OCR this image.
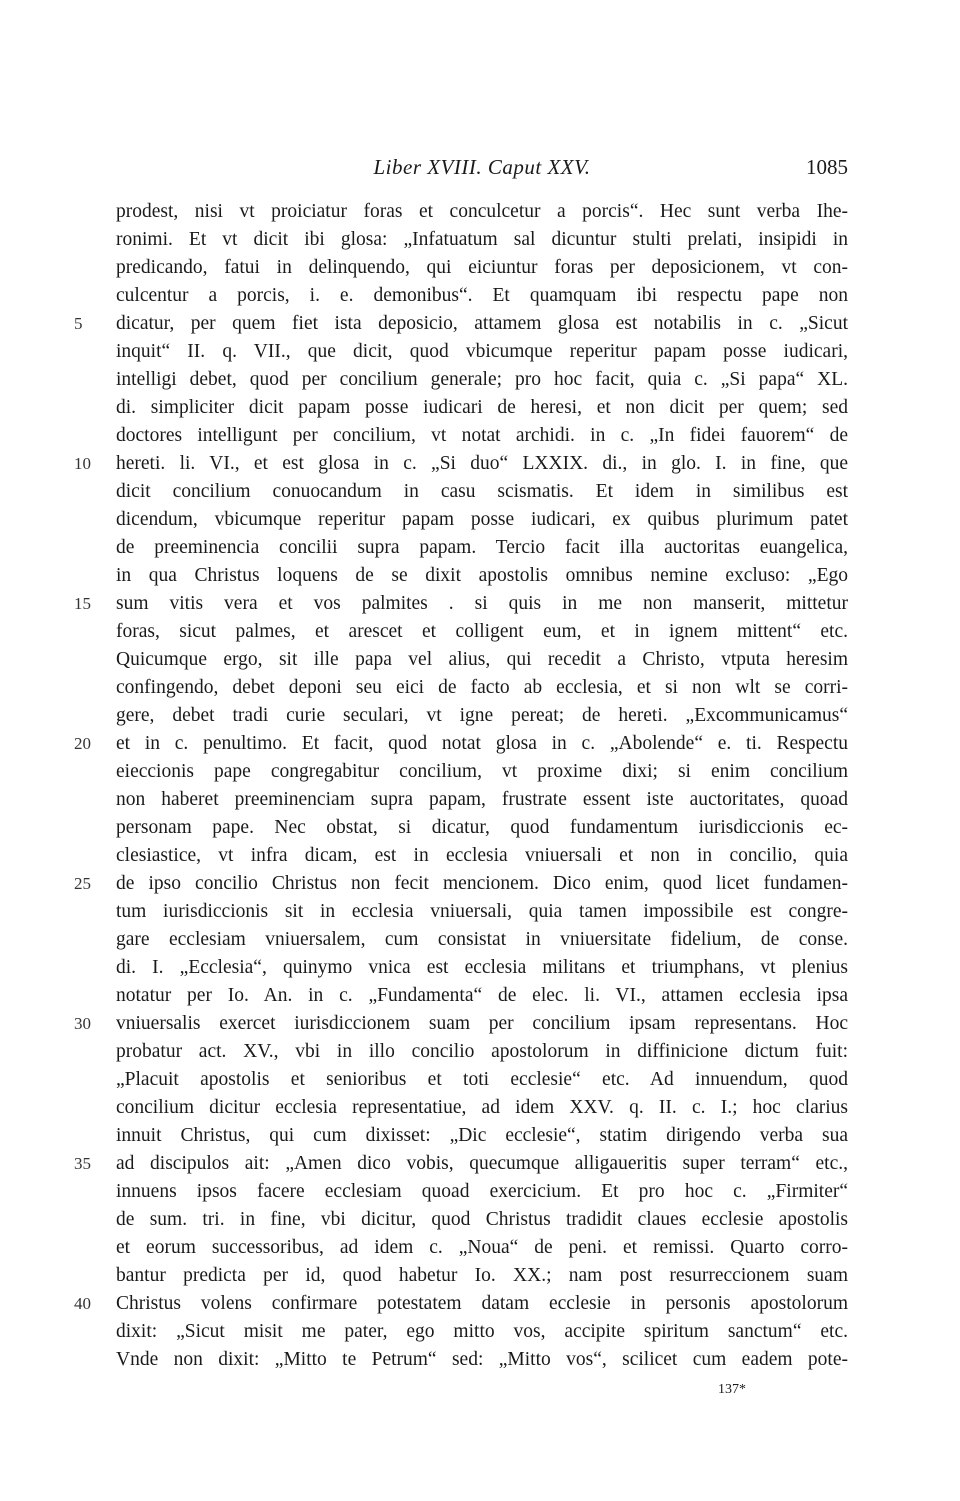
Liber XVIII. Caput XXV.	1085
prodest, nisi vt proiciatur foras et conculcetur a porcis“. Hec sunt verba Ihe-
ronimi. Et vt dicit ibi glosa: „Infatuatum sal dicuntur stulti prelati, insipidi in
predicando, fatui in delinquendo, qui eiciuntur foras per deposicionem, vt con-
culcentur a porcis, i. e. demonibus“. Et quamquam ibi respectu pape non
5	dicatur, per quem fiet ista deposicio, attamem glosa est notabilis in c. „Sicut
inquit“ II. q. VII., que dicit, quod vbicumque reperitur papam posse iudicari,
intelligi debet, quod per concilium generale; pro hoc facit, quia c. „Si papa“ XL.
di. simpliciter dicit papam posse iudicari de heresi, et non dicit per quem; sed
doctores intelligunt per concilium, vt notat archidi. in c. „In fidei fauorem“ de
10	hereti. li. VI., et est glosa in c. „Si duo“ LXXIX. di., in glo. I. in fine, que
dicit concilium conuocandum in casu scismatis. Et idem in similibus est
dicendum, vbicumque reperitur papam posse iudicari, ex quibus plurimum patet
de preeminencia concilii supra papam. Tercio facit illa auctoritas euangelica,
in qua Christus loquens de se dixit apostolis omnibus nemine excluso: „Ego
15	sum vitis vera et vos palmites . si quis in me non manserit, mittetur
foras, sicut palmes, et arescet et colligent eum, et in ignem mittent“ etc.
Quicumque ergo, sit ille papa vel alius, qui recedit a Christo, vtputa heresim
confingendo, debet deponi seu eici de facto ab ecclesia, et si non wlt se corri-
gere, debet tradi curie seculari, vt igne pereat; de hereti. „Excommunicamus“
20	et in c. penultimo. Et facit, quod notat glosa in c. „Abolende“ e. ti. Respectu
eieccionis pape congregabitur concilium, vt proxime dixi; si enim concilium
non haberet preeminenciam supra papam, frustrate essent iste auctoritates, quoad
personam pape. Nec obstat, si dicatur, quod fundamentum iurisdiccionis ec-
clesiastice, vt infra dicam, est in ecclesia vniuersali et non in concilio, quia
25	de ipso concilio Christus non fecit mencionem. Dico enim, quod licet fundamen-
tum iurisdiccionis sit in ecclesia vniuersali, quia tamen impossibile est congre-
gare ecclesiam vniuersalem, cum consistat in vniuersitate fidelium, de conse.
di. I. „Ecclesia“, quinymo vnica est ecclesia militans et triumphans, vt plenius
notatur per Io. An. in c. „Fundamenta“ de elec. li. VI., attamen ecclesia ipsa
30	vniuersalis exercet iurisdiccionem suam per concilium ipsam representans. Hoc
probatur act. XV., vbi in illo concilio apostolorum in diffinicione dictum fuit:
„Placuit apostolis et senioribus et toti ecclesie“ etc. Ad innuendum, quod
concilium dicitur ecclesia representatiue, ad idem XXV. q. II. c. I.; hoc clarius
innuit Christus, qui cum dixisset: „Dic ecclesie“, statim dirigendo verba sua
35	ad discipulos ait: „Amen dico vobis, quecumque alligaueritis super terram“ etc.,
innuens ipsos facere ecclesiam quoad exercicium. Et pro hoc c. „Firmiter“
de sum. tri. in fine, vbi dicitur, quod Christus tradidit claues ecclesie apostolis
et eorum successoribus, ad idem c. „Noua“ de peni. et remissi. Quarto corro-
bantur predicta per id, quod habetur Io. XX.; nam post resurreccionem suam
40	Christus volens confirmare potestatem datam ecclesie in personis apostolorum
dixit: „Sicut misit me pater, ego mitto vos, accipite spiritum sanctum“ etc.
Vnde non dixit: „Mitto te Petrum“ sed: „Mitto vos“, scilicet cum eadem pote-
137*
